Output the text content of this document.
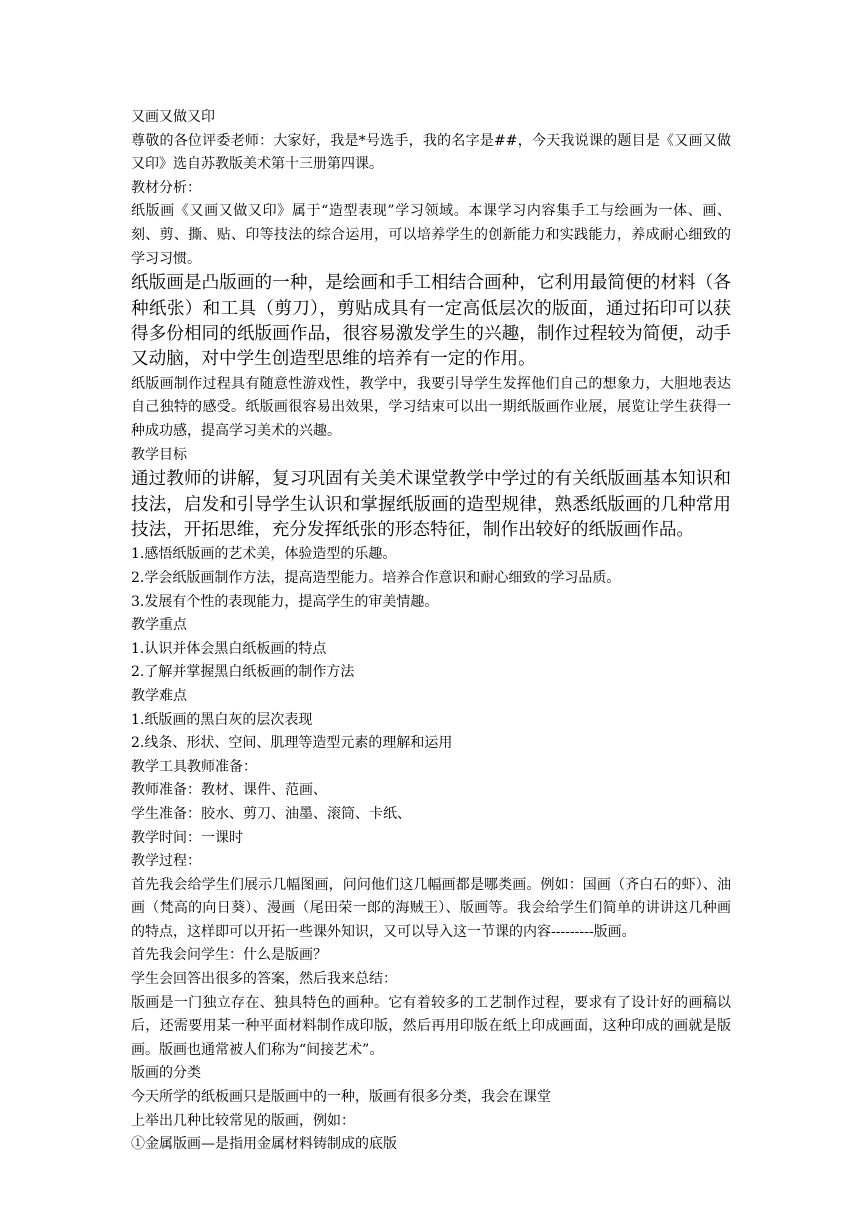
又画又做又印

尊敬的各位评委老师：大家好，我是*号选手，我的名字是##，今天我说课的题目是《又画又做又印》选自苏教版美术第十三册第四课。

教材分析：

纸版画《又画又做又印》属于“造型表现”学习领域。本课学习内容集手工与绘画为一体、画、刻、剪、撕、贴、印等技法的综合运用，可以培养学生的创新能力和实践能力，养成耐心细致的学习习惯。

纸版画是凸版画的一种，是绘画和手工相结合画种，它利用最简便的材料（各种纸张）和工具（剪刀），剪贴成具有一定高低层次的版面，通过拓印可以获得多份相同的纸版画作品，很容易激发学生的兴趣，制作过程较为简便，动手又动脑，对中学生创造型思维的培养有一定的作用。

纸版画制作过程具有随意性游戏性，教学中，我要引导学生发挥他们自己的想象力，大胆地表达自己独特的感受。纸版画很容易出效果，学习结束可以出一期纸版画作业展，展览让学生获得一种成功感，提高学习美术的兴趣。

教学目标

通过教师的讲解，复习巩固有关美术课堂教学中学过的有关纸版画基本知识和技法，启发和引导学生认识和掌握纸版画的造型规律，熟悉纸版画的几种常用技法，开拓思维，充分发挥纸张的形态特征，制作出较好的纸版画作品。

1.感悟纸版画的艺术美，体验造型的乐趣。

2.学会纸版画制作方法，提高造型能力。培养合作意识和耐心细致的学习品质。

3.发展有个性的表现能力，提高学生的审美情趣。

教学重点

1.认识并体会黑白纸板画的特点

2.了解并掌握黑白纸板画的制作方法

教学难点

1.纸版画的黑白灰的层次表现

2.线条、形状、空间、肌理等造型元素的理解和运用

教学工具教师准备：

教师准备：教材、课件、范画、

学生准备：胶水、剪刀、油墨、滚筒、卡纸、

教学时间：一课时

教学过程：

首先我会给学生们展示几幅图画，问问他们这几幅画都是哪类画。例如：国画（齐白石的虾）、油画（梵高的向日葵）、漫画（尾田荣一郎的海贼王）、版画等。我会给学生们简单的讲讲这几种画的特点，这样即可以开拓一些课外知识，又可以导入这一节课的内容---------版画。

首先我会问学生：什么是版画？

学生会回答出很多的答案，然后我来总结：

版画是一门独立存在、独具特色的画种。它有着较多的工艺制作过程，要求有了设计好的画稿以后，还需要用某一种平面材料制作成印版，然后再用印版在纸上印成画面，这种印成的画就是版画。版画也通常被人们称为“间接艺术”。

版画的分类

今天所学的纸板画只是版画中的一种，版画有很多分类，我会在课堂

上举出几种比较常见的版画，例如：

①金属版画—是指用金属材料铸制成的底版
